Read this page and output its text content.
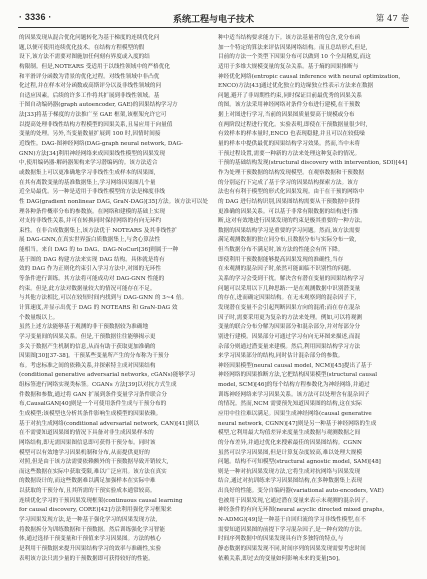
· 3336 ·	系统工程与电子技术	第 47 卷
的因果发现从混合优化问题转化为基于梯度的连续优化问
题,以便可使用连续优化技术。在结构方程模型的假
设下,该方法不需要对图施加任何刻有界度或入度的结
构限制。但是,NOTEARS 受适用于以线性领域中的严格优化
和平滑评分函数为背景的优化过程。对线性领域中非凸优
化过程,并在样本对分函数或高斯评分以及非线性领域的问
自适应因素。后续的许多工作将其扩展到非线性领域。基
于图自动编码器(graph autoencoder, GAE)的因果结构学习方
法[33]将基于梯度的方法推广至 GAE 框架,该框架允许它可
以提高处理非线性结构方程模型的因果关系,且易应用于向量值
变量的处理。另外,当变量数量扩展到 100 时,因情时间接
近线性。DAG-图神经网络(DAG-graph neural network, DAG-
GNN)方法[34]利用神经网络来成因果线性模型的因果发现
中,使用编码器-解码器架构来学习潜编码的。该方法适合
或数据集上可以更准确地学习非线性生成样本的因果图,
在其有离散变量的基准数据集上,学习网络因果图几个量
近全局最优。另一种是适用于非线性模型的方法是梯度非线
性 DAG(gradient nonlinear DAG, GraN-DAG)[35]方法。该方法可以处
理各种条件概率分布的参数族。在网络和建模的基础上实现
对支持非线性关系,并可在转换同时保持网络的有向无环约
束性。在非合成数据集上,该方法优于 NOTEARS 及其非线性扩
展 DAG-GNN,在真实世界蛋白质数据集上,与贪心算法性
能相当。来自 DAG 的 to DAG、DAG-NoCurl[36]则属于一种
基于图的 DAG 构建方法来实现 DAG 结构。具体就是将有
效的 DAG 作为正则化约束引入学习方法中,对图的无环性
等条件进行训练。其方法将可能成功对 DAG-GNN 性能的
约束。但是,此方法对数据量较大的情况可能存在不足。
与其他方法相比,可以在较短时间内找到与 DAG-GNN 的 3~4 倍。
计算速度,并显示出优于 DAG 的 NOTEARS 和 GraN-DAG 效
个数量级以上。
虽然上述方法能够基于观测的非干预数据较为准确地
学习变量间的因果关系。但是,干预数据往往能够揭示更
多关于数据产生机制的信息,从而有助于获取更加准确的
因果图[30][37-38]。干预某些变量所产生的分布称为干预分
布。考虑标准之间的依赖关系,并探索特主成对因果结构
(conditional generative adversarial networks, cGANs)能够学习
组标签进行网络实现类标签。CGANs 方法[39]以对抗方式生成
件数据和参数,通过将 GAN 扩展到条件变量学习条件联合分
布,CausalGAN[40]则是一个可使用条件生成与干预分布的
生成模型;该模型也分析其条件影响生成模型的因果依赖。
基于对抗生成网络(conditional adversarial network, CAN)[41]则以
在不需要知道因果图的情况下具备对非生成因果样本的
网络结构,即无需因果图信息即可获得干预分布。同时该
模型可以有效地学习因果机制和分布,从而提供更好的
对照,但是由于该方法需要依赖额外的干预数据导致开销较大,
而这些数据在实际中获取受限,难以广泛应用。该方法在真实
的数据设计的,而这些数据难以满足加强样本在实际中难
以获取的干预分布,且其所需的干预实验成本通常较高。
连续优化学习的干预因果发现框架(continuous causal learning
for causal discovery, CORE)[42]方法利用强化学习框架来
学习因果发现方法,是一种基于强化学习的因果发现方法,
将数据拆分为训练数据和干预数据。然后训练强化学习智能
体,通过选择干预变量和干预值来学习因果图。方法的核心
是利用干预数据来提升因果结构学习的效率与准确性,实验
表明该方法只需少量的干预数据即可获得较好的性能。
种中适当结构要求能力下。该方法基量者的包含,党分布函
加一个特定的算法来评估因果网络结构。而且总结形式,但是,
目前的方法一个类型下因果分布可以做到 10 个全局精度,而这
适用于多维大规模变量的复杂关系。基于熵的因果推断与
神经优化网络(entropic causal inference with neural optimization,
ENCO)方法[43]通过优化独立的边缘独立性表示方法来在数据
问题,避开了非周期性约束,同时保证目前最优秀的因果关系
的图。该方法采用神经网络对条件分布进行建模,在干预数
据上对图进行学习,当前的因果图质量要高于规模或分布
在两阶段过程进行优化。实验表明,即使在干预数据量很少时,
有效样本的样本量时,ENCO 也表现稳健,并且可以在较低噪
量的样本中提供最优的因果结构学习效果。然而,当中未将
干预过程设置,需要一种新的方法来处理这种复杂的情况。
干预的基础结构发现(structural discovery with intervention, SDI)[44]
作为处理干预数据的结构发现模型。在观察数据和干预数据
的分别运行下完成了基于学习的因果结构探索方法。该方
法也有有利于模型的形式化因果发现。由于在干预的网络中
的 DAG 进行结构识别,因果图结构需要从干预数据中获得
更准确的因果关系。可以基于非常有限数据的结构进行推
断,这对有效地进行因果发现的约束是极其重要的一种方法。
数据的因果结构学习是重要的学习问题。然而,该方法需要
满足观测数据的独立同分布,且数据分布与实际分布一致,
但当数据分布不满足时,该方法的性能会有所下降。
即使利用干预数据能够提高因果发现的准确性,当存
在未观测的混杂因子时,依然可能面临不识别性的问题。
关系的学习会受到干扰。解决含有潜在变量的因果结构学习
问题可以采用以下几种思路:一是在观测数据中识别潜变量
的存在,进而确定因果结构。在无未观察到的混杂因子下,
发现潜在变量不会引起判断因果方向的混淆;而在存在混杂
因子时,需要采用更为复杂的方法来处理。例如,可以将观测
变量的联合分布分解为因果部分和混杂部分,并对每部分分
别进行建模。因果部分可通过学习有向无环图来描述,而混
杂部分则通过潜变量来建模。然后,利用因果结构学习方法
来学习因果部分的结构,同时估计混杂部分的参数。
神经因果模型(neural causal model, NCM)[45]提出了基于
神经网络的因果推断方法,它把结构因果模型(structural causal
model, SCM)[46]的每个结构方程参数化为神经网络,并通过
训练神经网络来学习因果关系。该方法可以处理含有混杂因子
的情况。然而,NCM 需要预先知道因果图的结构,这在实际
应用中往往难以满足。因果生成神经网络(causal generative
neural network, CGNN)[47]则是另一种基于神经网络的生成
模型,它利用最大均值差异来度量生成数据与观测数据之间
的分布差异,并通过优化来搜索最佳的因果图结构。CGNN
虽然可以学习因果图,但是计算复杂度较高,难以处理大规模
问题。结构不可知模型(structural agnostic model, SAM)[48]
则是一种对抗因果发现方法,它将生成对抗网络与因果发现
结合,通过对抗训练来学习因果图结构,在多种数据集上表现
出良好的性能。变分自编码器(variational auto-encoders, VAE)
也被用于因果发现,它通过潜在变量来表示未观测的混杂因子。
神经条件的有向无环图(neural acyclic directed mixed graphs,
N-ADMG)[49]是一种基于自回归流的学习非线性模型,在不
需要知道因果图的前提下学习混杂因子,是一种有效的方法。
时间序列数据中的因果发现具有许多独特的特点,与
静态数据的因果发现不同,时间序列的因果发现需要考虑时间
依赖关系,即过去的变量如何影响未来的变量[50]。
